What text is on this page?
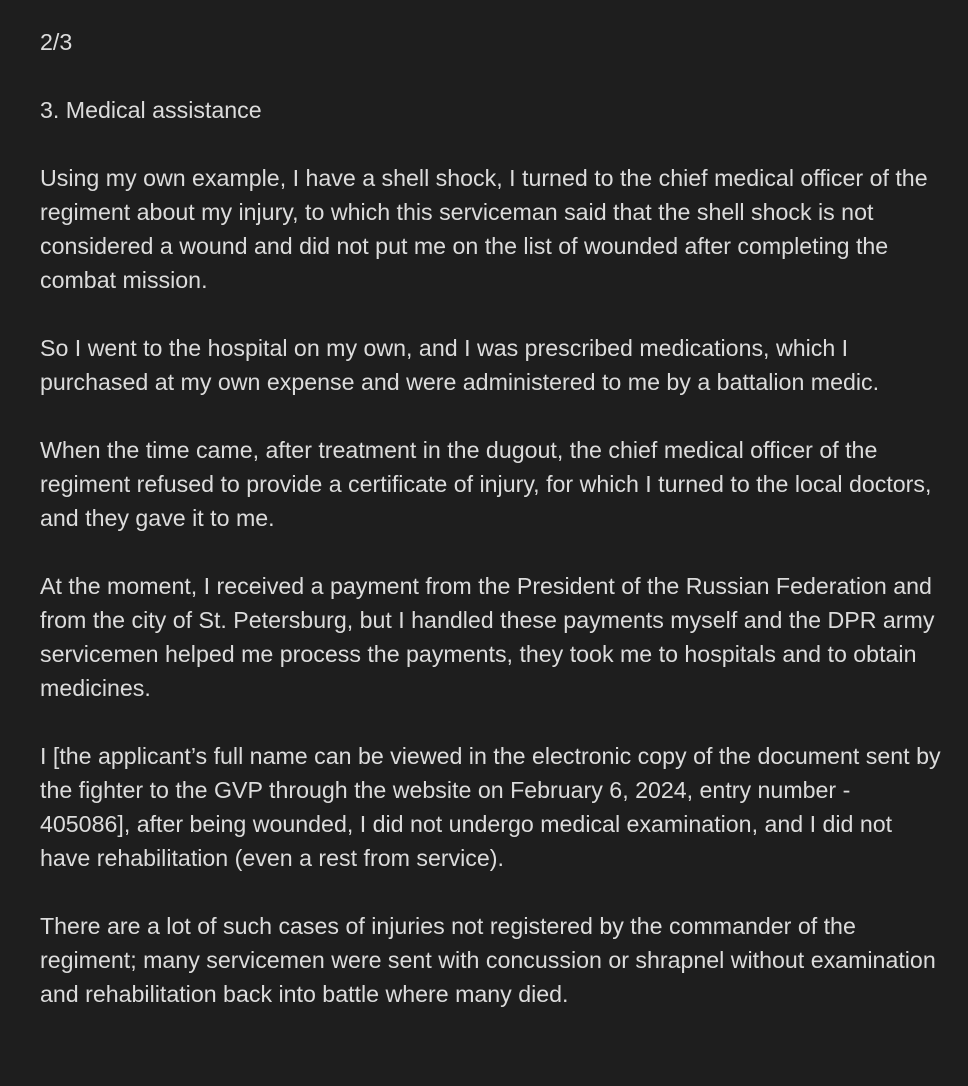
2/3

3. Medical assistance

Using my own example, I have a shell shock, I turned to the chief medical officer of the regiment about my injury, to which this serviceman said that the shell shock is not considered a wound and did not put me on the list of wounded after completing the combat mission.

So I went to the hospital on my own, and I was prescribed medications, which I purchased at my own expense and were administered to me by a battalion medic.

When the time came, after treatment in the dugout, the chief medical officer of the regiment refused to provide a certificate of injury, for which I turned to the local doctors, and they gave it to me.

At the moment, I received a payment from the President of the Russian Federation and from the city of St. Petersburg, but I handled these payments myself and the DPR army servicemen helped me process the payments, they took me to hospitals and to obtain medicines.

I [the applicant’s full name can be viewed in the electronic copy of the document sent by the fighter to the GVP through the website on February 6, 2024, entry number - 405086], after being wounded, I did not undergo medical examination, and I did not have rehabilitation (even a rest from service).

There are a lot of such cases of injuries not registered by the commander of the regiment; many servicemen were sent with concussion or shrapnel without examination and rehabilitation back into battle where many died.
